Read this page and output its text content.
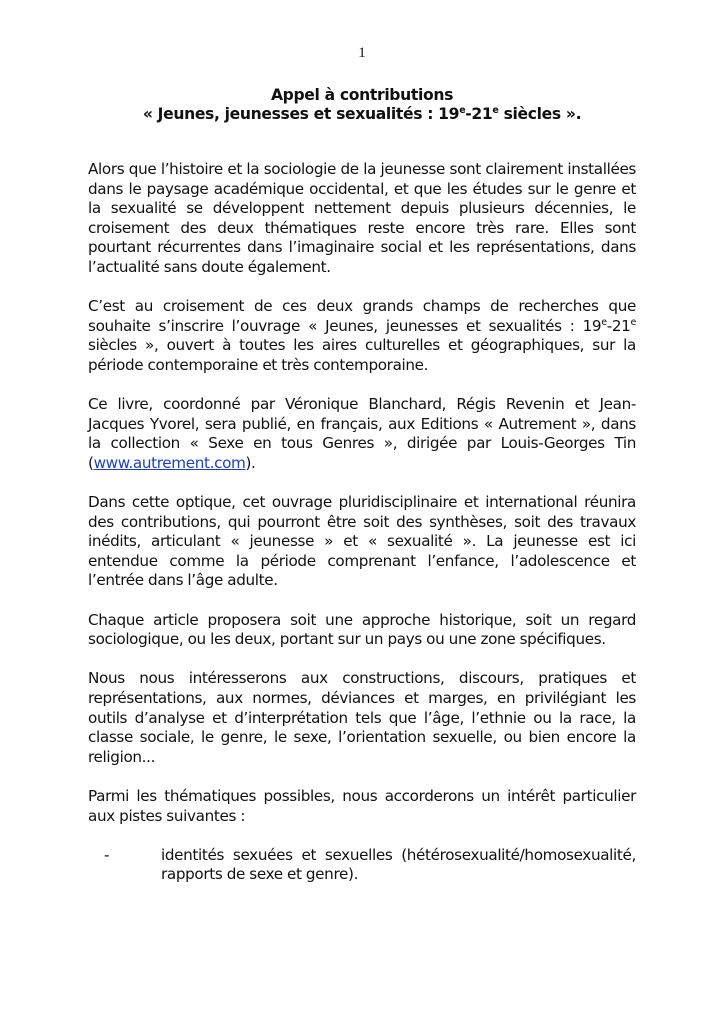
1
Appel à contributions
« Jeunes, jeunesses et sexualités : 19e-21e siècles ».

Alors que l’histoire et la sociologie de la jeunesse sont clairement installées dans le paysage académique occidental, et que les études sur le genre et la sexualité se développent nettement depuis plusieurs décennies, le croisement des deux thématiques reste encore très rare. Elles sont pourtant récurrentes dans l’imaginaire social et les représentations, dans l’actualité sans doute également.

C’est au croisement de ces deux grands champs de recherches que souhaite s’inscrire l’ouvrage « Jeunes, jeunesses et sexualités : 19e-21e siècles », ouvert à toutes les aires culturelles et géographiques, sur la période contemporaine et très contemporaine.

Ce livre, coordonné par Véronique Blanchard, Régis Revenin et Jean-Jacques Yvorel, sera publié, en français, aux Editions « Autrement », dans la collection « Sexe en tous Genres », dirigée par Louis-Georges Tin (www.autrement.com).

Dans cette optique, cet ouvrage pluridisciplinaire et international réunira des contributions, qui pourront être soit des synthèses, soit des travaux inédits, articulant « jeunesse » et « sexualité ». La jeunesse est ici entendue comme la période comprenant l’enfance, l’adolescence et l’entrée dans l’âge adulte.

Chaque article proposera soit une approche historique, soit un regard sociologique, ou les deux, portant sur un pays ou une zone spécifiques.

Nous nous intéresserons aux constructions, discours, pratiques et représentations, aux normes, déviances et marges, en privilégiant les outils d’analyse et d’interprétation tels que l’âge, l’ethnie ou la race, la classe sociale, le genre, le sexe, l’orientation sexuelle, ou bien encore la religion...

Parmi les thématiques possibles, nous accorderons un intérêt particulier aux pistes suivantes :

-	identités sexuées et sexuelles (hétérosexualité/homosexualité, rapports de sexe et genre).
